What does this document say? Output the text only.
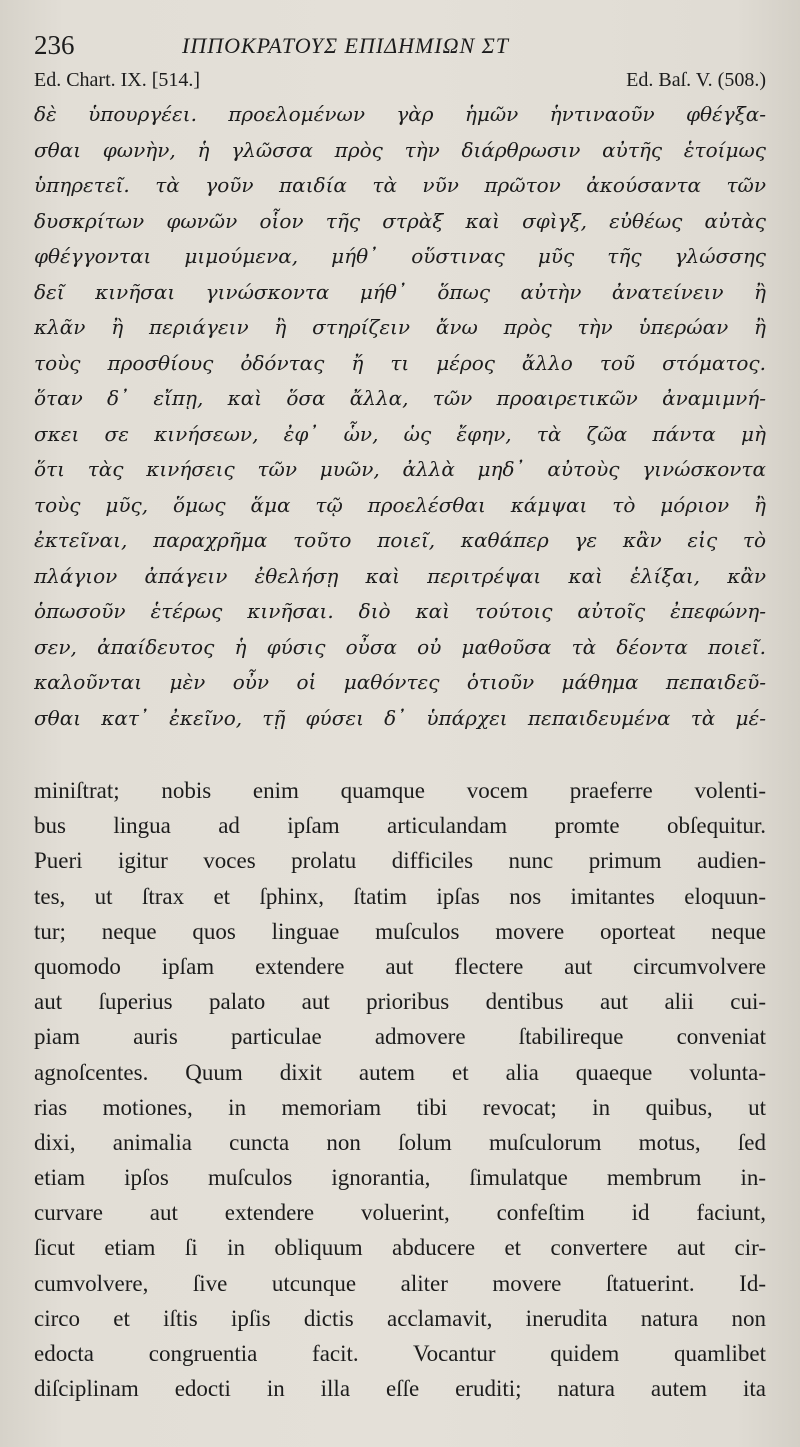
236	ΙΠΠΟΚΡΑΤΟΥΣ ΕΠΙΔΗΜΙΩΝ ΣΤ
Ed. Chart. IX. [514.]	Ed. Baſ. V. (508.)
δὲ ὑπουργέει. προελομένων γὰρ ἡμῶν ἡντιναοῦν φθέγξα-
σθαι φωνὴν, ἡ γλῶσσα πρὸς τὴν διάρθρωσιν αὐτῆς ἑτοίμως
ὑπηρετεῖ. τὰ γοῦν παιδία τὰ νῦν πρῶτον ἀκούσαντα τῶν
δυσκρίτων φωνῶν οἷον τῆς στρὰξ καὶ σφὶγξ, εὐθέως αὐτὰς
φθέγγονται μιμούμενα, μήθ᾽ οὕστινας μῦς τῆς γλώσσης
δεῖ κινῆσαι γινώσκοντα μήθ᾽ ὅπως αὐτὴν ἀνατείνειν ἢ
κλᾶν ἢ περιάγειν ἢ στηρίζειν ἄνω πρὸς τὴν ὑπερώαν ἢ
τοὺς προσθίους ὀδόντας ἤ τι μέρος ἄλλο τοῦ στόματος.
ὅταν δ᾽ εἴπῃ, καὶ ὅσα ἄλλα, τῶν προαιρετικῶν ἀναμιμνή-
σκει σε κινήσεων, ἐφ᾽ ὧν, ὡς ἔφην, τὰ ζῶα πάντα μὴ
ὅτι τὰς κινήσεις τῶν μυῶν, ἀλλὰ μηδ᾽ αὐτοὺς γινώσκοντα
τοὺς μῦς, ὅμως ἅμα τῷ προελέσθαι κάμψαι τὸ μόριον ἢ
ἐκτεῖναι, παραχρῆμα τοῦτο ποιεῖ, καθάπερ γε κἂν εἰς τὸ
πλάγιον ἀπάγειν ἐθελήσῃ καὶ περιτρέψαι καὶ ἑλίξαι, κἂν
ὁπωσοῦν ἑτέρως κινῆσαι. διὸ καὶ τούτοις αὐτοῖς ἐπεφώνη-
σεν, ἀπαίδευτος ἡ φύσις οὖσα οὐ μαθοῦσα τὰ δέοντα ποιεῖ.
καλοῦνται μὲν οὖν οἱ μαθόντες ὁτιοῦν μάθημα πεπαιδεῦ-
σθαι κατ᾽ ἐκεῖνο, τῇ φύσει δ᾽ ὑπάρχει πεπαιδευμένα τὰ μέ-
miniſtrat; nobis enim quamque vocem praeferre volenti-
bus lingua ad ipſam articulandam promte obſequitur.
Pueri igitur voces prolatu difficiles nunc primum audien-
tes, ut ſtrax et ſphinx, ſtatim ipſas nos imitantes eloquun-
tur; neque quos linguae muſculos movere oporteat neque
quomodo ipſam extendere aut flectere aut circumvolvere
aut ſuperius palato aut prioribus dentibus aut alii cui-
piam auris particulae admovere ſtabilireque conveniat
agnoſcentes. Quum dixit autem et alia quaeque volunta-
rias motiones, in memoriam tibi revocat; in quibus, ut
dixi, animalia cuncta non ſolum muſculorum motus, ſed
etiam ipſos muſculos ignorantia, ſimulatque membrum in-
curvare aut extendere voluerint, confeſtim id faciunt,
ſicut etiam ſi in obliquum abducere et convertere aut cir-
cumvolvere, ſive utcunque aliter movere ſtatuerint. Id-
circo et iſtis ipſis dictis acclamavit, ineruditа natura non
edocta congruentia facit. Vocantur quidem quamlibet
diſciplinam edocti in illa eſſe eruditi; natura autem ita
